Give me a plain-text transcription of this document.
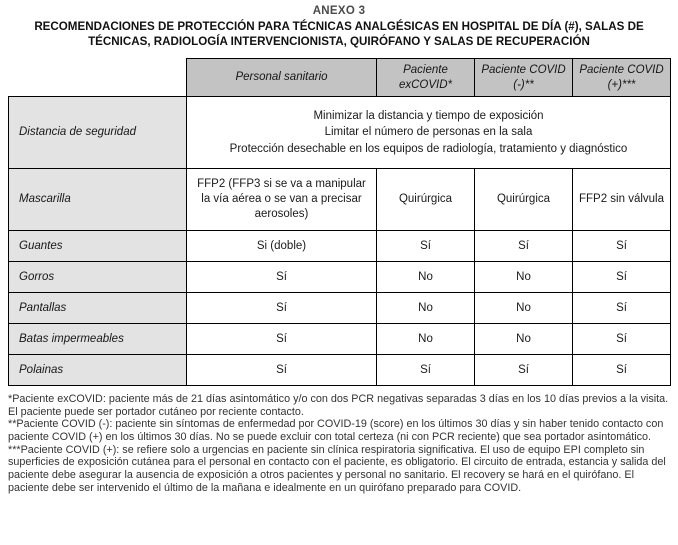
ANEXO 3
RECOMENDACIONES DE PROTECCIÓN PARA TÉCNICAS ANALGÉSICAS EN HOSPITAL DE DÍA (#), SALAS DE TÉCNICAS, RADIOLOGÍA INTERVENCIONISTA, QUIRÓFANO Y SALAS DE RECUPERACIÓN
	Personal sanitario	Paciente exCOVID*	Paciente COVID (-)**	Paciente COVID (+)***
Distancia de seguridad	Minimizar la distancia y tiempo de exposición
Limitar el número de personas en la sala
Protección desechable en los equipos de radiología, tratamiento y diagnóstico			

Mascarilla	FFP2 (FFP3 si se va a manipular la vía aérea o se van a precisar aerosoles)	Quirúrgica	Quirúrgica	FFP2 sin válvula
Guantes	Si (doble)	Sí	Sí	Sí
Gorros	Sí	No	No	Sí
Pantallas	Sí	No	No	Sí
Batas impermeables	Sí	No	No	Sí
Polainas	Sí	Sí	Sí	Sí

*Paciente exCOVID: paciente más de 21 días asintomático y/o con dos PCR negativas separadas 3 días en los 10 días previos a la visita. El paciente puede ser portador cutáneo por reciente contacto.

**Paciente COVID (-): paciente sin síntomas de enfermedad por COVID-19 (score) en los últimos 30 días y sin haber tenido contacto con paciente COVID (+) en los últimos 30 días. No se puede excluir con total certeza (ni con PCR reciente) que sea portador asintomático.

***Paciente COVID (+): se refiere solo a urgencias en paciente sin clínica respiratoria significativa. El uso de equipo EPI completo sin superficies de exposición cutánea para el personal en contacto con el paciente, es obligatorio. El circuito de entrada, estancia y salida del paciente debe asegurar la ausencia de exposición a otros pacientes y personal no sanitario. El recovery se hará en el quirófano. El paciente debe ser intervenido el último de la mañana e idealmente en un quirófano preparado para COVID.
